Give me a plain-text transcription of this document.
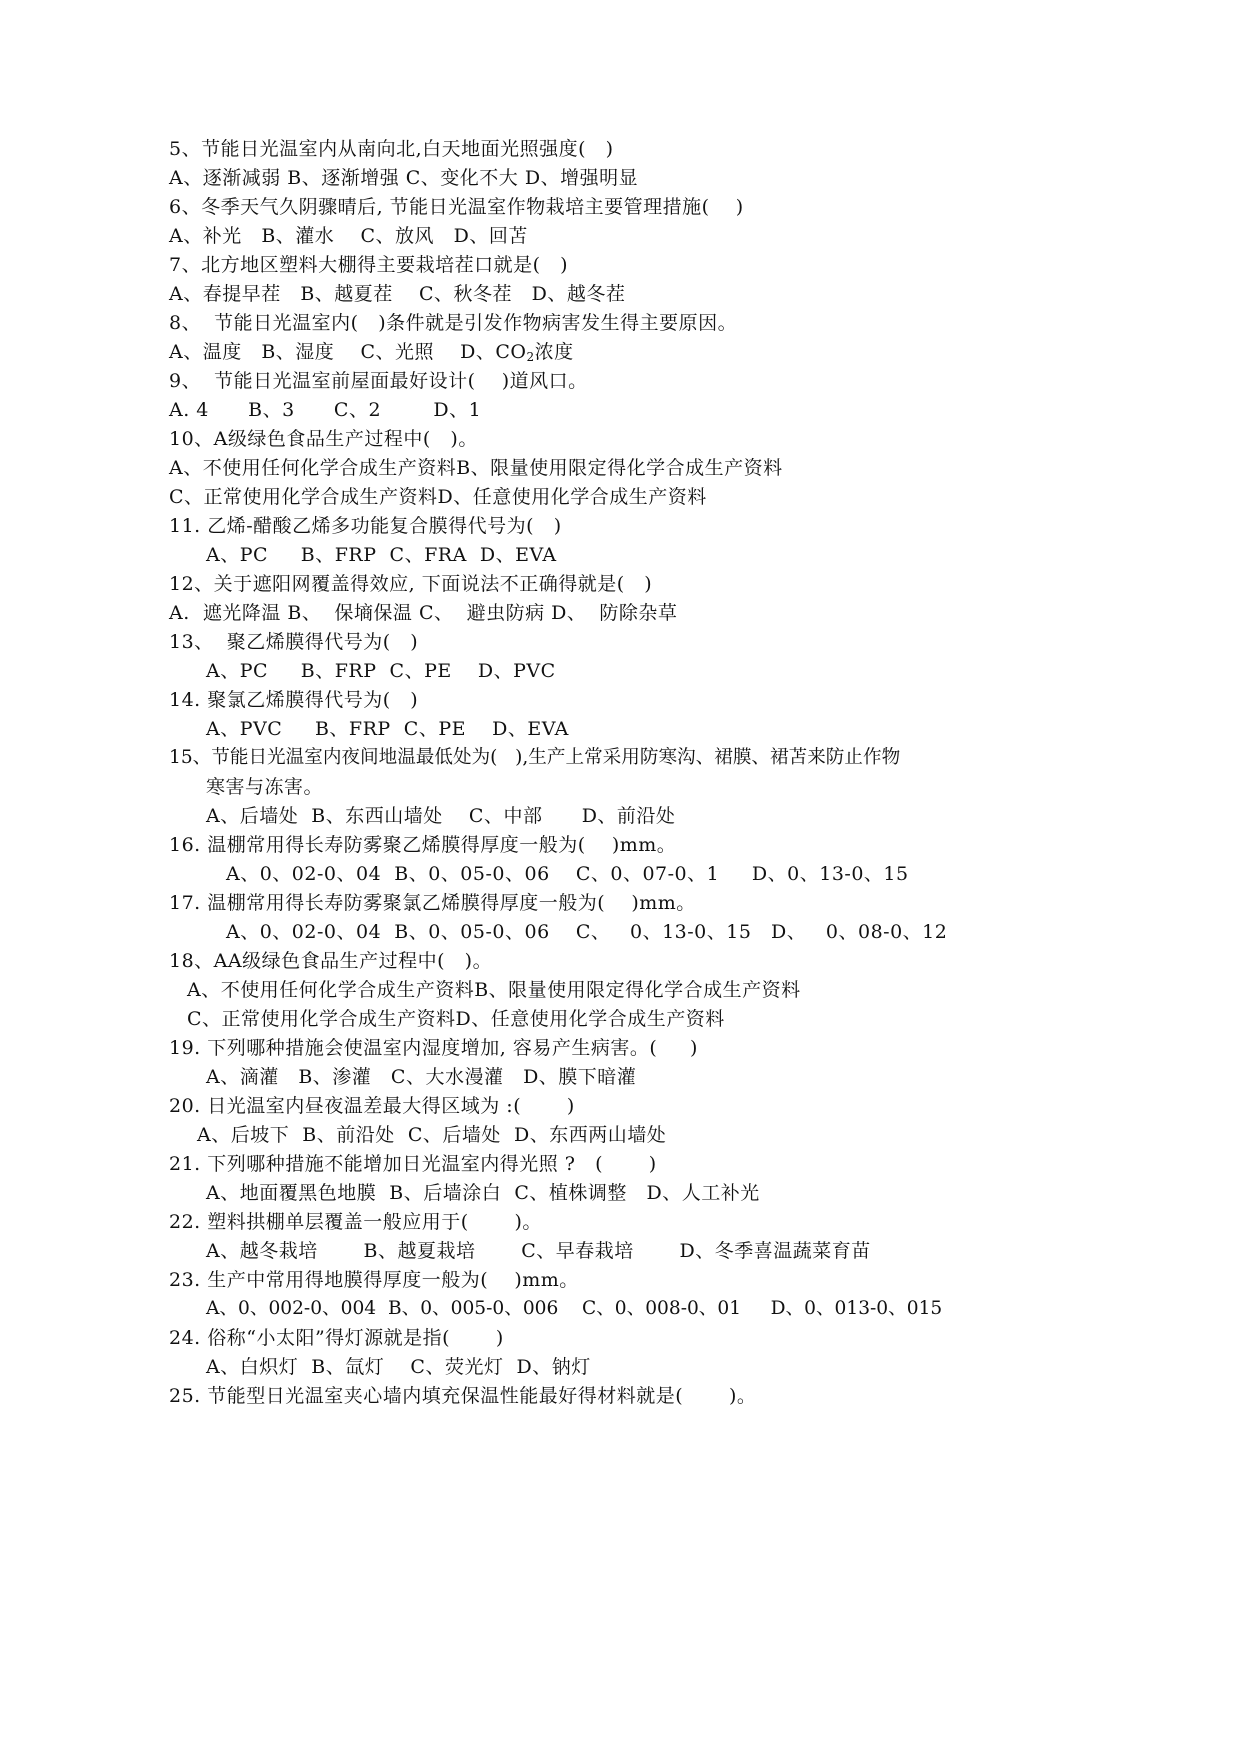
5、节能日光温室内从南向北,白天地面光照强度(   )
A、逐渐减弱 B、逐渐增强 C、变化不大 D、增强明显
6、冬季天气久阴骤晴后, 节能日光温室作物栽培主要管理措施(    )
A、补光   B、灌水    C、放风   D、回苫
7、北方地区塑料大棚得主要栽培茬口就是(   )
A、春提早茬   B、越夏茬    C、秋冬茬   D、越冬茬
8、  节能日光温室内(   )条件就是引发作物病害发生得主要原因。
A、温度   B、湿度    C、光照    D、$CO_2$浓度
9、  节能日光温室前屋面最好设计(    )道风口。
A. 4      B、3      C、2        D、1
10、A级绿色食品生产过程中(   )。
A、不使用任何化学合成生产资料B、限量使用限定得化学合成生产资料
C、正常使用化学合成生产资料D、任意使用化学合成生产资料
11. 乙烯-醋酸乙烯多功能复合膜得代号为(   )
A、PC     B、FRP  C、FRA  D、EVA
12、关于遮阳网覆盖得效应, 下面说法不正确得就是(   )
A.  遮光降温 B、  保墒保温 C、  避虫防病 D、  防除杂草
13、  聚乙烯膜得代号为(   )
A、PC     B、FRP  C、PE    D、PVC
14. 聚氯乙烯膜得代号为(   )
A、PVC     B、FRP  C、PE    D、EVA
15、节能日光温室内夜间地温最低处为(   ),生产上常采用防寒沟、裙膜、裙苫来防止作物
寒害与冻害。
A、后墙处  B、东西山墙处    C、中部      D、前沿处
16. 温棚常用得长寿防雾聚乙烯膜得厚度一般为(    )mm。
A、0、02-0、04  B、0、05-0、06    C、0、07-0、1     D、0、13-0、15
17. 温棚常用得长寿防雾聚氯乙烯膜得厚度一般为(    )mm。
A、0、02-0、04  B、0、05-0、06    C、   0、13-0、15   D、   0、08-0、12
18、AA级绿色食品生产过程中(   )。
A、不使用任何化学合成生产资料B、限量使用限定得化学合成生产资料
C、正常使用化学合成生产资料D、任意使用化学合成生产资料
19. 下列哪种措施会使温室内湿度增加, 容易产生病害。(     )
A、滴灌   B、渗灌   C、大水漫灌   D、膜下暗灌
20. 日光温室内昼夜温差最大得区域为 :(       )
A、后坡下  B、前沿处  C、后墙处  D、东西两山墙处
21. 下列哪种措施不能增加日光温室内得光照 ?   (       )
A、地面覆黑色地膜  B、后墙涂白  C、植株调整   D、人工补光
22. 塑料拱棚单层覆盖一般应用于(       )。
A、越冬栽培       B、越夏栽培       C、早春栽培       D、冬季喜温蔬菜育苗
23. 生产中常用得地膜得厚度一般为(    )mm。
A、0、002-0、004  B、0、005-0、006    C、0、008-0、01     D、0、013-0、015
24. 俗称“小太阳”得灯源就是指(       )
A、白炽灯  B、氙灯    C、荧光灯  D、钠灯
25. 节能型日光温室夹心墙内填充保温性能最好得材料就是(       )。
